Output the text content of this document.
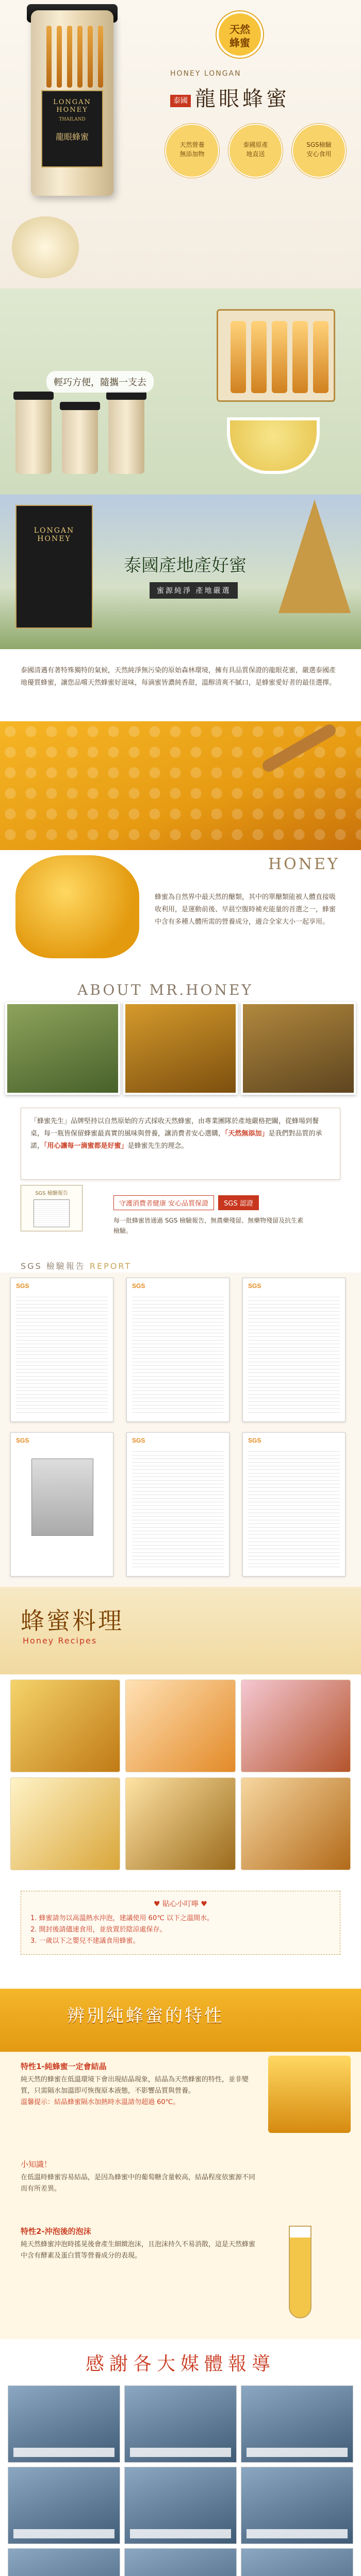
LONGAN
HONEY
THAILAND
龍眼蜂蜜
天然
蜂蜜
HONEY LONGAN
泰國 龍眼蜂蜜
天然營養
無添加物
泰國原產
地直送
SGS檢驗
安心食用
輕巧方便，隨攜一支去
LONGAN
HONEY
泰國產地產好蜜
蜜源純淨 產地嚴選

泰國清邁有著特殊獨特的氣候，天然純淨無污染的原始森林環境，擁有具品質保證的龍眼花蜜，嚴選泰國產地優質蜂蜜，讓您品嚐天然蜂蜜好滋味，每滴蜜皆濃純香甜，溫醇清爽不膩口，是蜂蜜愛好者的最佳選擇。

HONEY

蜂蜜為自然界中最天然的醣類，其中的單醣類能被人體直接吸收利用，是運動前後、早晨空腹時補充能量的首選之一，蜂蜜中含有多種人體所需的營養成分，適合全家大小一起享用。

ABOUT MR.HONEY
「蜂蜜先生」品牌堅持以自然原始的方式採收天然蜂蜜，由專業團隊於產地嚴格把關，從蜂場到餐桌，每一瓶皆保留蜂蜜最真實的風味與營養，讓消費者安心選購，「天然無添加」是我們對品質的承諾，「用心讓每一滴蜜都是好蜜」是蜂蜜先生的理念。
SGS 檢驗報告
守護消費者健康 安心品質保證 SGS 認證

每一批蜂蜜皆通過 SGS 檢驗報告，無農藥殘留、無藥物殘留及抗生素檢驗。

SGS 檢驗報告 REPORT
SGS	SGS	SGS
SGS	SGS	SGS
蜂蜜料理
Honey Recipes
♥ 貼心小叮嚀 ♥
1. 蜂蜜請勿以高溫熱水沖泡，建議使用 60℃ 以下之溫開水。
2. 開封後請儘速食用，並放置於陰涼處保存。
3. 一歲以下之嬰兒不建議食用蜂蜜。
辨別純蜂蜜的特性
特性1-純蜂蜜一定會結晶
純天然的蜂蜜在低溫環境下會出現結晶現象，結晶為天然蜂蜜的特性，並非變質，只需隔水加溫即可恢復原本液態，不影響品質與營養。
溫馨提示：結晶蜂蜜隔水加熱時水溫請勿超過 60℃。
小知識！
在低溫時蜂蜜容易結晶，是因為蜂蜜中的葡萄糖含量較高，結晶程度依蜜源不同而有所差異。
特性2-沖泡後的泡沫
純天然蜂蜜沖泡時搖晃後會產生細緻泡沫，且泡沫持久不易消散，這是天然蜂蜜中含有酵素及蛋白質等營養成分的表現。
感謝各大媒體報導
